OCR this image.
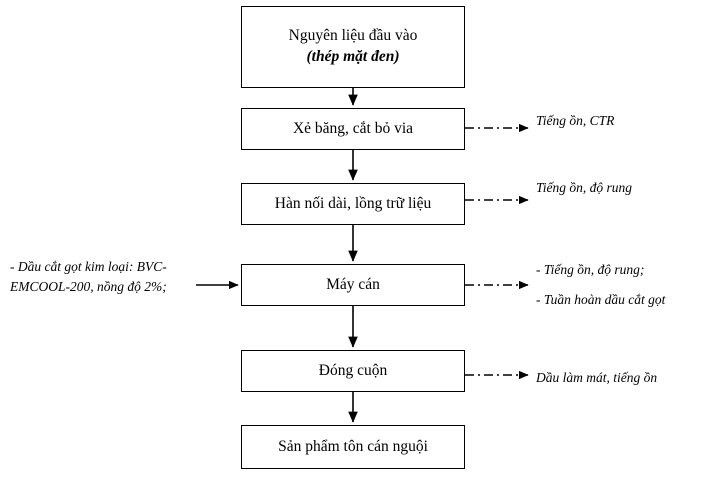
Nguyên liệu đầu vào
(thép mặt đen)
Xẻ băng, cắt bỏ via
Hàn nối dài, lồng trữ liệu
Máy cán
Đóng cuộn
Sản phẩm tôn cán nguội
Tiếng ồn, CTR
Tiếng ồn, độ rung
- Tiếng ồn, độ rung;
- Tuần hoàn dầu cắt gọt
Dầu làm mát, tiếng ồn
- Dầu cắt gọt kim loại: BVC-EMCOOL-200, nồng độ 2%;
